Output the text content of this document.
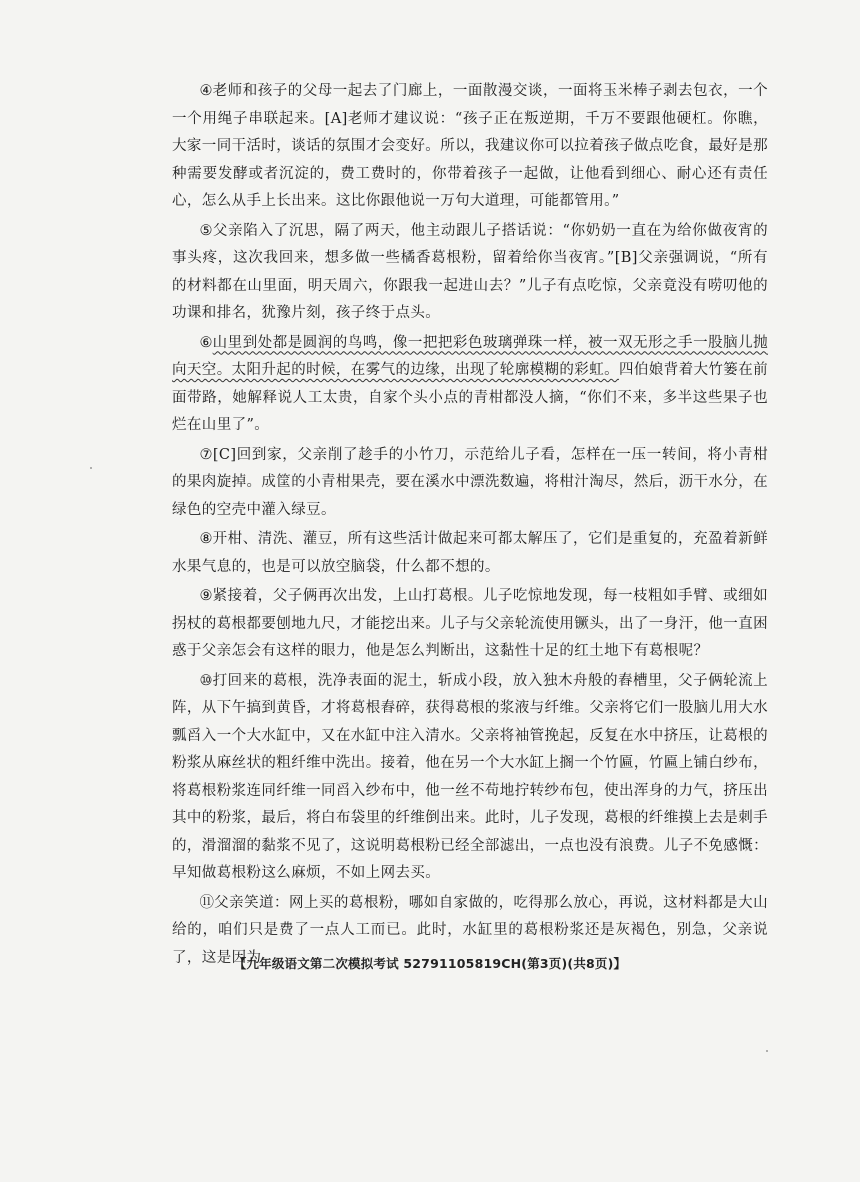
④老师和孩子的父母一起去了门廊上，一面散漫交谈，一面将玉米棒子剥去包衣，一个一个用绳子串联起来。[A]老师才建议说：“孩子正在叛逆期，千万不要跟他硬杠。你瞧，大家一同干活时，谈话的氛围才会变好。所以，我建议你可以拉着孩子做点吃食，最好是那种需要发酵或者沉淀的，费工费时的，你带着孩子一起做，让他看到细心、耐心还有责任心，怎么从手上长出来。这比你跟他说一万句大道理，可能都管用。”

⑤父亲陷入了沉思，隔了两天，他主动跟儿子搭话说：“你奶奶一直在为给你做夜宵的事头疼，这次我回来，想多做一些橘香葛根粉，留着给你当夜宵。”[B]父亲强调说，“所有的材料都在山里面，明天周六，你跟我一起进山去？”儿子有点吃惊，父亲竟没有唠叨他的功课和排名，犹豫片刻，孩子终于点头。

⑥山里到处都是圆润的鸟鸣，像一把把彩色玻璃弹珠一样，被一双无形之手一股脑儿抛向天空。太阳升起的时候，在雾气的边缘，出现了轮廓模糊的彩虹。四伯娘背着大竹篓在前面带路，她解释说人工太贵，自家个头小点的青柑都没人摘，“你们不来，多半这些果子也烂在山里了”。

⑦[C]回到家，父亲削了趁手的小竹刀，示范给儿子看，怎样在一压一转间，将小青柑的果肉旋掉。成筐的小青柑果壳，要在溪水中漂洗数遍，将柑汁淘尽，然后，沥干水分，在绿色的空壳中灌入绿豆。

⑧开柑、清洗、灌豆，所有这些活计做起来可都太解压了，它们是重复的，充盈着新鲜水果气息的，也是可以放空脑袋，什么都不想的。

⑨紧接着，父子俩再次出发，上山打葛根。儿子吃惊地发现，每一枝粗如手臂、或细如拐杖的葛根都要刨地九尺，才能挖出来。儿子与父亲轮流使用镢头，出了一身汗，他一直困惑于父亲怎会有这样的眼力，他是怎么判断出，这黏性十足的红土地下有葛根呢？

⑩打回来的葛根，洗净表面的泥土，斩成小段，放入独木舟般的舂槽里，父子俩轮流上阵，从下午搞到黄昏，才将葛根舂碎，获得葛根的浆液与纤维。父亲将它们一股脑儿用大水瓢舀入一个大水缸中，又在水缸中注入清水。父亲将袖管挽起，反复在水中挤压，让葛根的粉浆从麻丝状的粗纤维中洗出。接着，他在另一个大水缸上搁一个竹匾，竹匾上铺白纱布，将葛根粉浆连同纤维一同舀入纱布中，他一丝不苟地拧转纱布包，使出浑身的力气，挤压出其中的粉浆，最后，将白布袋里的纤维倒出来。此时，儿子发现，葛根的纤维摸上去是刺手的，滑溜溜的黏浆不见了，这说明葛根粉已经全部滤出，一点也没有浪费。儿子不免感慨：早知做葛根粉这么麻烦，不如上网去买。

⑪父亲笑道：网上买的葛根粉，哪如自家做的，吃得那么放心，再说，这材料都是大山给的，咱们只是费了一点人工而已。此时，水缸里的葛根粉浆还是灰褐色，别急，父亲说了，这是因为

【九年级语文第二次模拟考试 52791105819CH(第3页)(共8页)】
